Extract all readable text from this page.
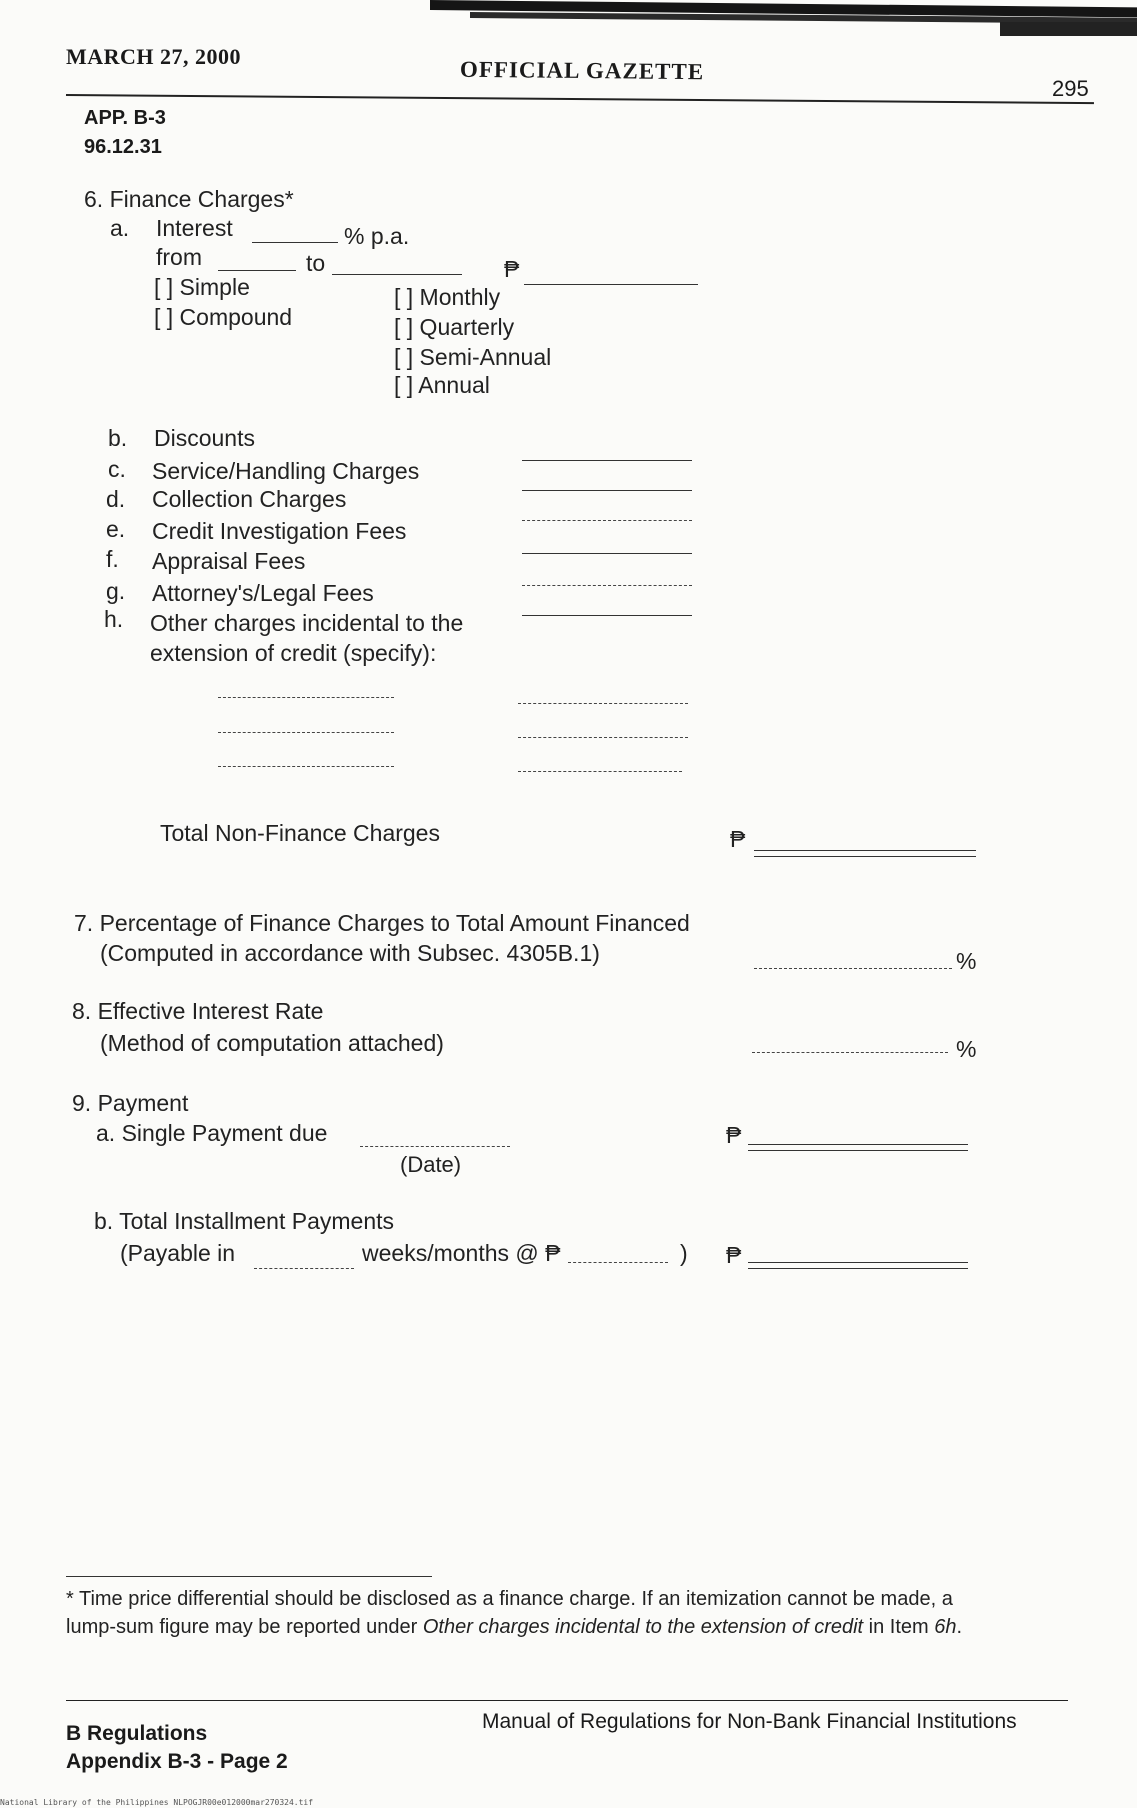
MARCH 27, 2000
OFFICIAL GAZETTE
295
APP. B-3
96.12.31
6. Finance Charges*
a. Interest	% p.a.
from	to	₱
[ ] Simple
[ ] Compound
[ ] Monthly
[ ] Quarterly
[ ] Semi-Annual
[ ] Annual
b. Discounts
c. Service/Handling Charges
d. Collection Charges
e. Credit Investigation Fees
f. Appraisal Fees
g. Attorney's/Legal Fees
h. Other charges incidental to the
extension of credit (specify):
Total Non-Finance Charges	₱
7. Percentage of Finance Charges to Total Amount Financed
(Computed in accordance with Subsec. 4305B.1)	%
8. Effective Interest Rate
(Method of computation attached)	%
9. Payment
a. Single Payment due
(Date)
₱
b. Total Installment Payments
(Payable in	weeks/months @ ₱	) ₱
* Time price differential should be disclosed as a finance charge. If an itemization cannot be made, a
lump-sum figure may be reported under Other charges incidental to the extension of credit in Item 6h.
B Regulations
Appendix B-3 - Page 2
Manual of Regulations for Non-Bank Financial Institutions
National Library of the Philippines NLPOGJR00e012000mar270324.tif
